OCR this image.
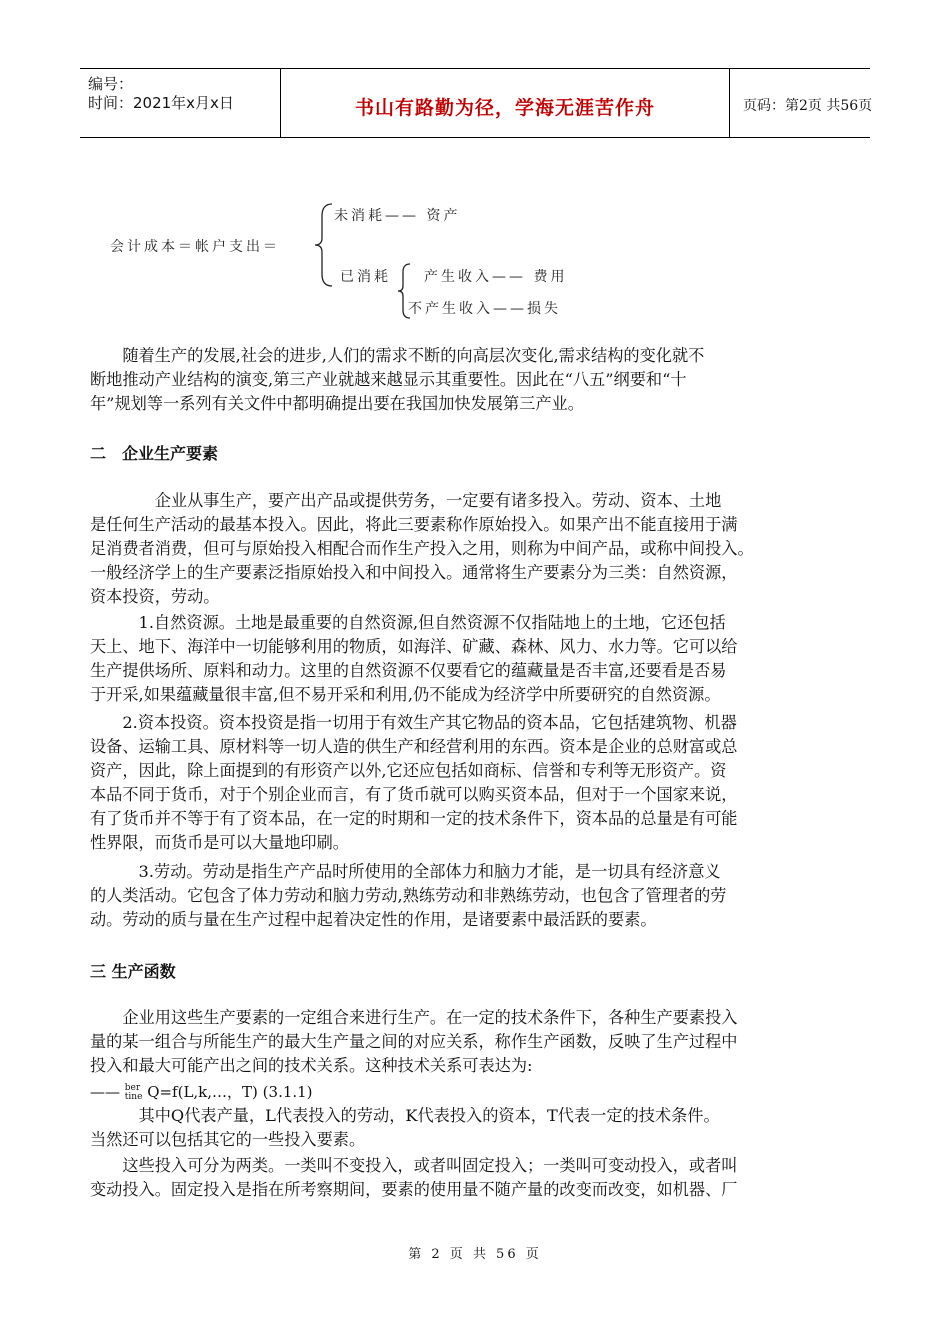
编号：
时间：2021年x月x日	书山有路勤为径，学海无涯苦作舟	页码：第2页 共56页
会计成本＝帐户支出＝
未消耗—— 资产
已消耗 产生收入—— 费用
不产生收入——损失
　　随着生产的发展,社会的进步,人们的需求不断的向高层次变化,需求结构的变化就不
断地推动产业结构的演变,第三产业就越来越显示其重要性。因此在“八五”纲要和“十
年”规划等一系列有关文件中都明确提出要在我国加快发展第三产业。
二　企业生产要素
　　　　企业从事生产，要产出产品或提供劳务，一定要有诸多投入。劳动、资本、土地
是任何生产活动的最基本投入。因此，将此三要素称作原始投入。如果产出不能直接用于满
足消费者消费，但可与原始投入相配合而作生产投入之用，则称为中间产品，或称中间投入。
一般经济学上的生产要素泛指原始投入和中间投入。通常将生产要素分为三类：自然资源，
资本投资，劳动。
　　　1.自然资源。土地是最重要的自然资源,但自然资源不仅指陆地上的土地，它还包括
天上、地下、海洋中一切能够利用的物质，如海洋、矿藏、森林、风力、水力等。它可以给
生产提供场所、原料和动力。这里的自然资源不仅要看它的蕴藏量是否丰富,还要看是否易
于开采,如果蕴藏量很丰富,但不易开采和利用,仍不能成为经济学中所要研究的自然资源。
　　2.资本投资。资本投资是指一切用于有效生产其它物品的资本品，它包括建筑物、机器
设备、运输工具、原材料等一切人造的供生产和经营利用的东西。资本是企业的总财富或总
资产，因此，除上面提到的有形资产以外,它还应包括如商标、信誉和专利等无形资产。资
本品不同于货币，对于个别企业而言，有了货币就可以购买资本品，但对于一个国家来说，
有了货币并不等于有了资本品，在一定的时期和一定的技术条件下，资本品的总量是有可能
性界限，而货币是可以大量地印刷。
　　　3.劳动。劳动是指生产产品时所使用的全部体力和脑力才能，是一切具有经济意义
的人类活动。它包含了体力劳动和脑力劳动,熟练劳动和非熟练劳动，也包含了管理者的劳
动。劳动的质与量在生产过程中起着决定性的作用，是诸要素中最活跃的要素。
三 生产函数
　　企业用这些生产要素的一定组合来进行生产。在一定的技术条件下，各种生产要素投入
量的某一组合与所能生产的最大生产量之间的对应关系，称作生产函数，反映了生产过程中
投入和最大可能产出之间的技术关系。这种技术关系可表达为:
—— ber
tine Q=f(L,k,…，T) (3.1.1)
　　　其中Q代表产量，L代表投入的劳动，K代表投入的资本，T代表一定的技术条件。
当然还可以包括其它的一些投入要素。
　　这些投入可分为两类。一类叫不变投入，或者叫固定投入；一类叫可变动投入，或者叫
变动投入。固定投入是指在所考察期间，要素的使用量不随产量的改变而改变，如机器、厂
第 2 页 共 56 页
